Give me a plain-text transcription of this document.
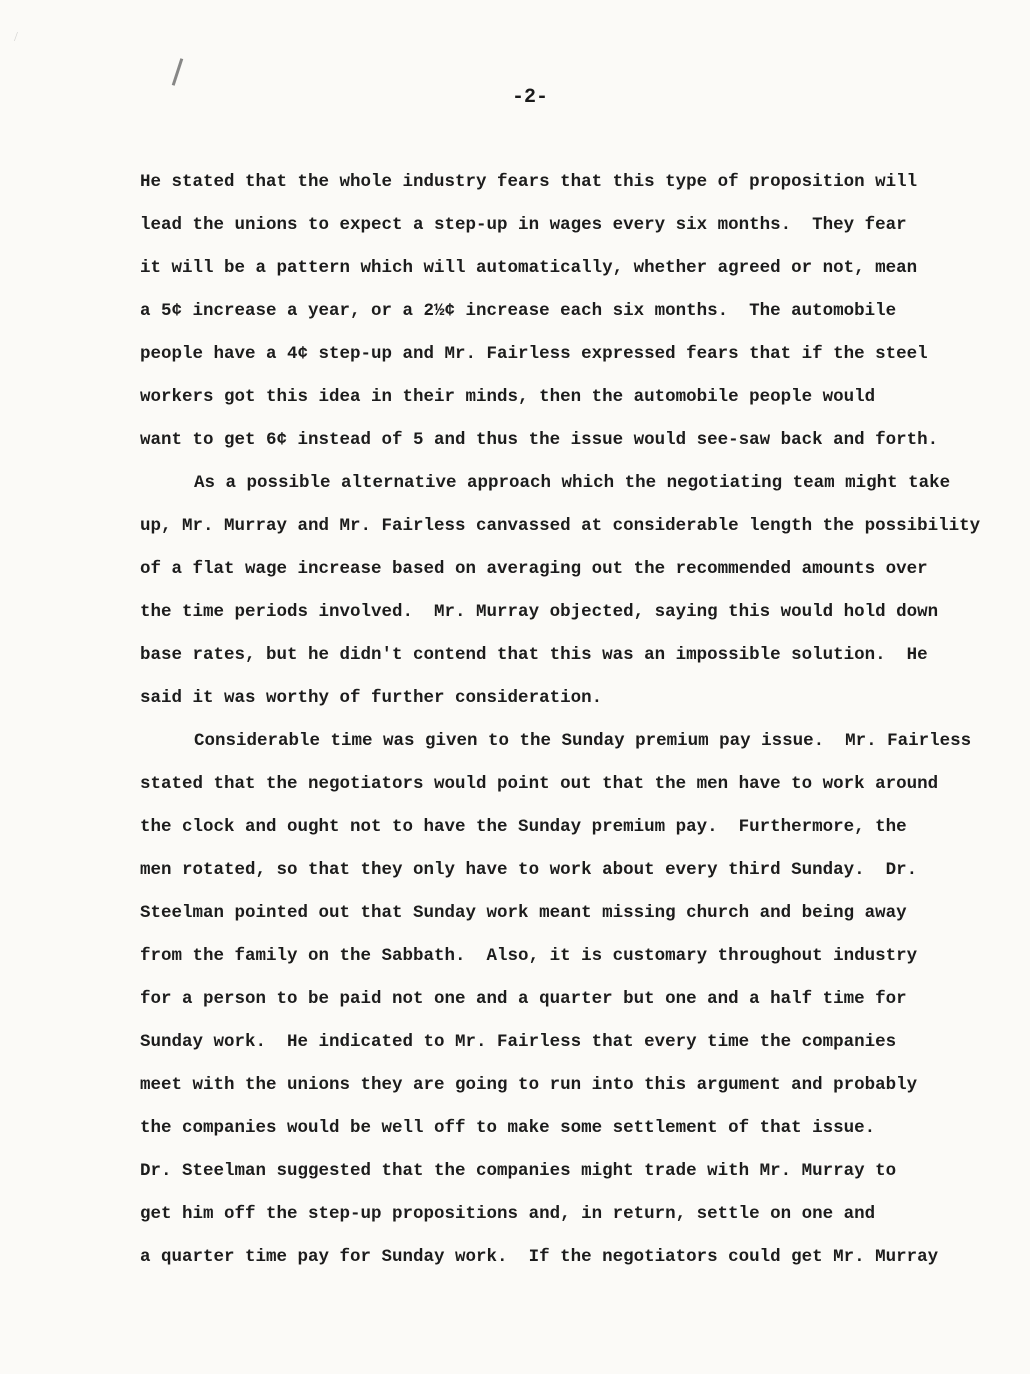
/
-2-
He stated that the whole industry fears that this type of proposition will
lead the unions to expect a step-up in wages every six months.  They fear
it will be a pattern which will automatically, whether agreed or not, mean
a 5¢ increase a year, or a 2½¢ increase each six months.  The automobile
people have a 4¢ step-up and Mr. Fairless expressed fears that if the steel
workers got this idea in their minds, then the automobile people would
want to get 6¢ instead of 5 and thus the issue would see-saw back and forth.
As a possible alternative approach which the negotiating team might take
up, Mr. Murray and Mr. Fairless canvassed at considerable length the possibility
of a flat wage increase based on averaging out the recommended amounts over
the time periods involved.  Mr. Murray objected, saying this would hold down
base rates, but he didn't contend that this was an impossible solution.  He
said it was worthy of further consideration.
Considerable time was given to the Sunday premium pay issue.  Mr. Fairless
stated that the negotiators would point out that the men have to work around
the clock and ought not to have the Sunday premium pay.  Furthermore, the
men rotated, so that they only have to work about every third Sunday.  Dr.
Steelman pointed out that Sunday work meant missing church and being away
from the family on the Sabbath.  Also, it is customary throughout industry
for a person to be paid not one and a quarter but one and a half time for
Sunday work.  He indicated to Mr. Fairless that every time the companies
meet with the unions they are going to run into this argument and probably
the companies would be well off to make some settlement of that issue.
Dr. Steelman suggested that the companies might trade with Mr. Murray to
get him off the step-up propositions and, in return, settle on one and
a quarter time pay for Sunday work.  If the negotiators could get Mr. Murray
